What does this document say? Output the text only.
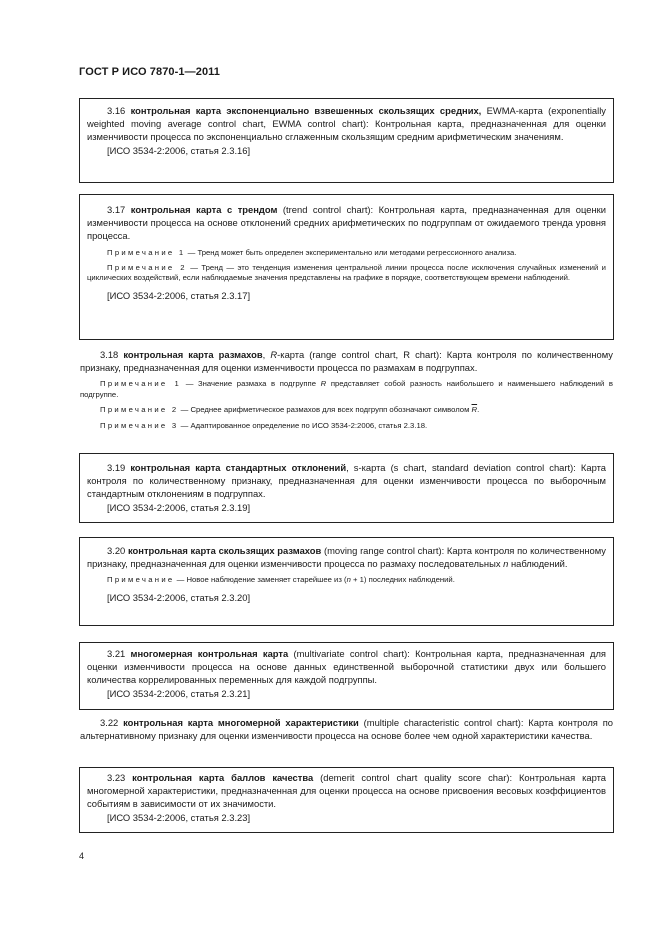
ГОСТ Р ИСО 7870-1—2011

3.16 контрольная карта экспоненциально взвешенных скользящих средних, EWMA-карта (exponentially weighted moving average control chart, EWMA control chart): Контрольная карта, предназначенная для оценки изменчивости процесса по экспоненциально сглаженным скользящим средним арифметическим значениям.

[ИСО 3534-2:2006, статья 2.3.16]

3.17 контрольная карта с трендом (trend control chart): Контрольная карта, предназначенная для оценки изменчивости процесса на основе отклонений средних арифметических по подгруппам от ожидаемого тренда уровня процесса.

Примечание 1 — Тренд может быть определен экспериментально или методами регрессионного анализа.

Примечание 2 — Тренд — это тенденция изменения центральной линии процесса после исключения случайных изменений и циклических воздействий, если наблюдаемые значения представлены на графике в порядке, соответствующем времени наблюдений.

[ИСО 3534-2:2006, статья 2.3.17]

3.18 контрольная карта размахов, R-карта (range control chart, R chart): Карта контроля по количественному признаку, предназначенная для оценки изменчивости процесса по размахам в подгруппах.

Примечание 1 — Значение размаха в подгруппе R представляет собой разность наибольшего и наименьшего наблюдений в подгруппе.

Примечание 2 — Среднее арифметическое размахов для всех подгрупп обозначают символом $\overline{R}$.

Примечание 3 — Адаптированное определение по ИСО 3534-2:2006, статья 2.3.18.

3.19 контрольная карта стандартных отклонений, s-карта (s chart, standard deviation control chart): Карта контроля по количественному признаку, предназначенная для оценки изменчивости процесса по выборочным стандартным отклонениям в подгруппах.

[ИСО 3534-2:2006, статья 2.3.19]

3.20 контрольная карта скользящих размахов (moving range control chart): Карта контроля по количественному признаку, предназначенная для оценки изменчивости процесса по размаху последовательных n наблюдений.

Примечание — Новое наблюдение заменяет старейшее из (n + 1) последних наблюдений.

[ИСО 3534-2:2006, статья 2.3.20]

3.21 многомерная контрольная карта (multivariate control chart): Контрольная карта, предназначенная для оценки изменчивости процесса на основе данных единственной выборочной статистики двух или большего количества коррелированных переменных для каждой подгруппы.

[ИСО 3534-2:2006, статья 2.3.21]

3.22 контрольная карта многомерной характеристики (multiple characteristic control chart): Карта контроля по альтернативному признаку для оценки изменчивости процесса на основе более чем одной характеристики качества.

3.23 контрольная карта баллов качества (demerit control chart quality score char): Контрольная карта многомерной характеристики, предназначенная для оценки процесса на основе присвоения весовых коэффициентов событиям в зависимости от их значимости.

[ИСО 3534-2:2006, статья 2.3.23]

4
